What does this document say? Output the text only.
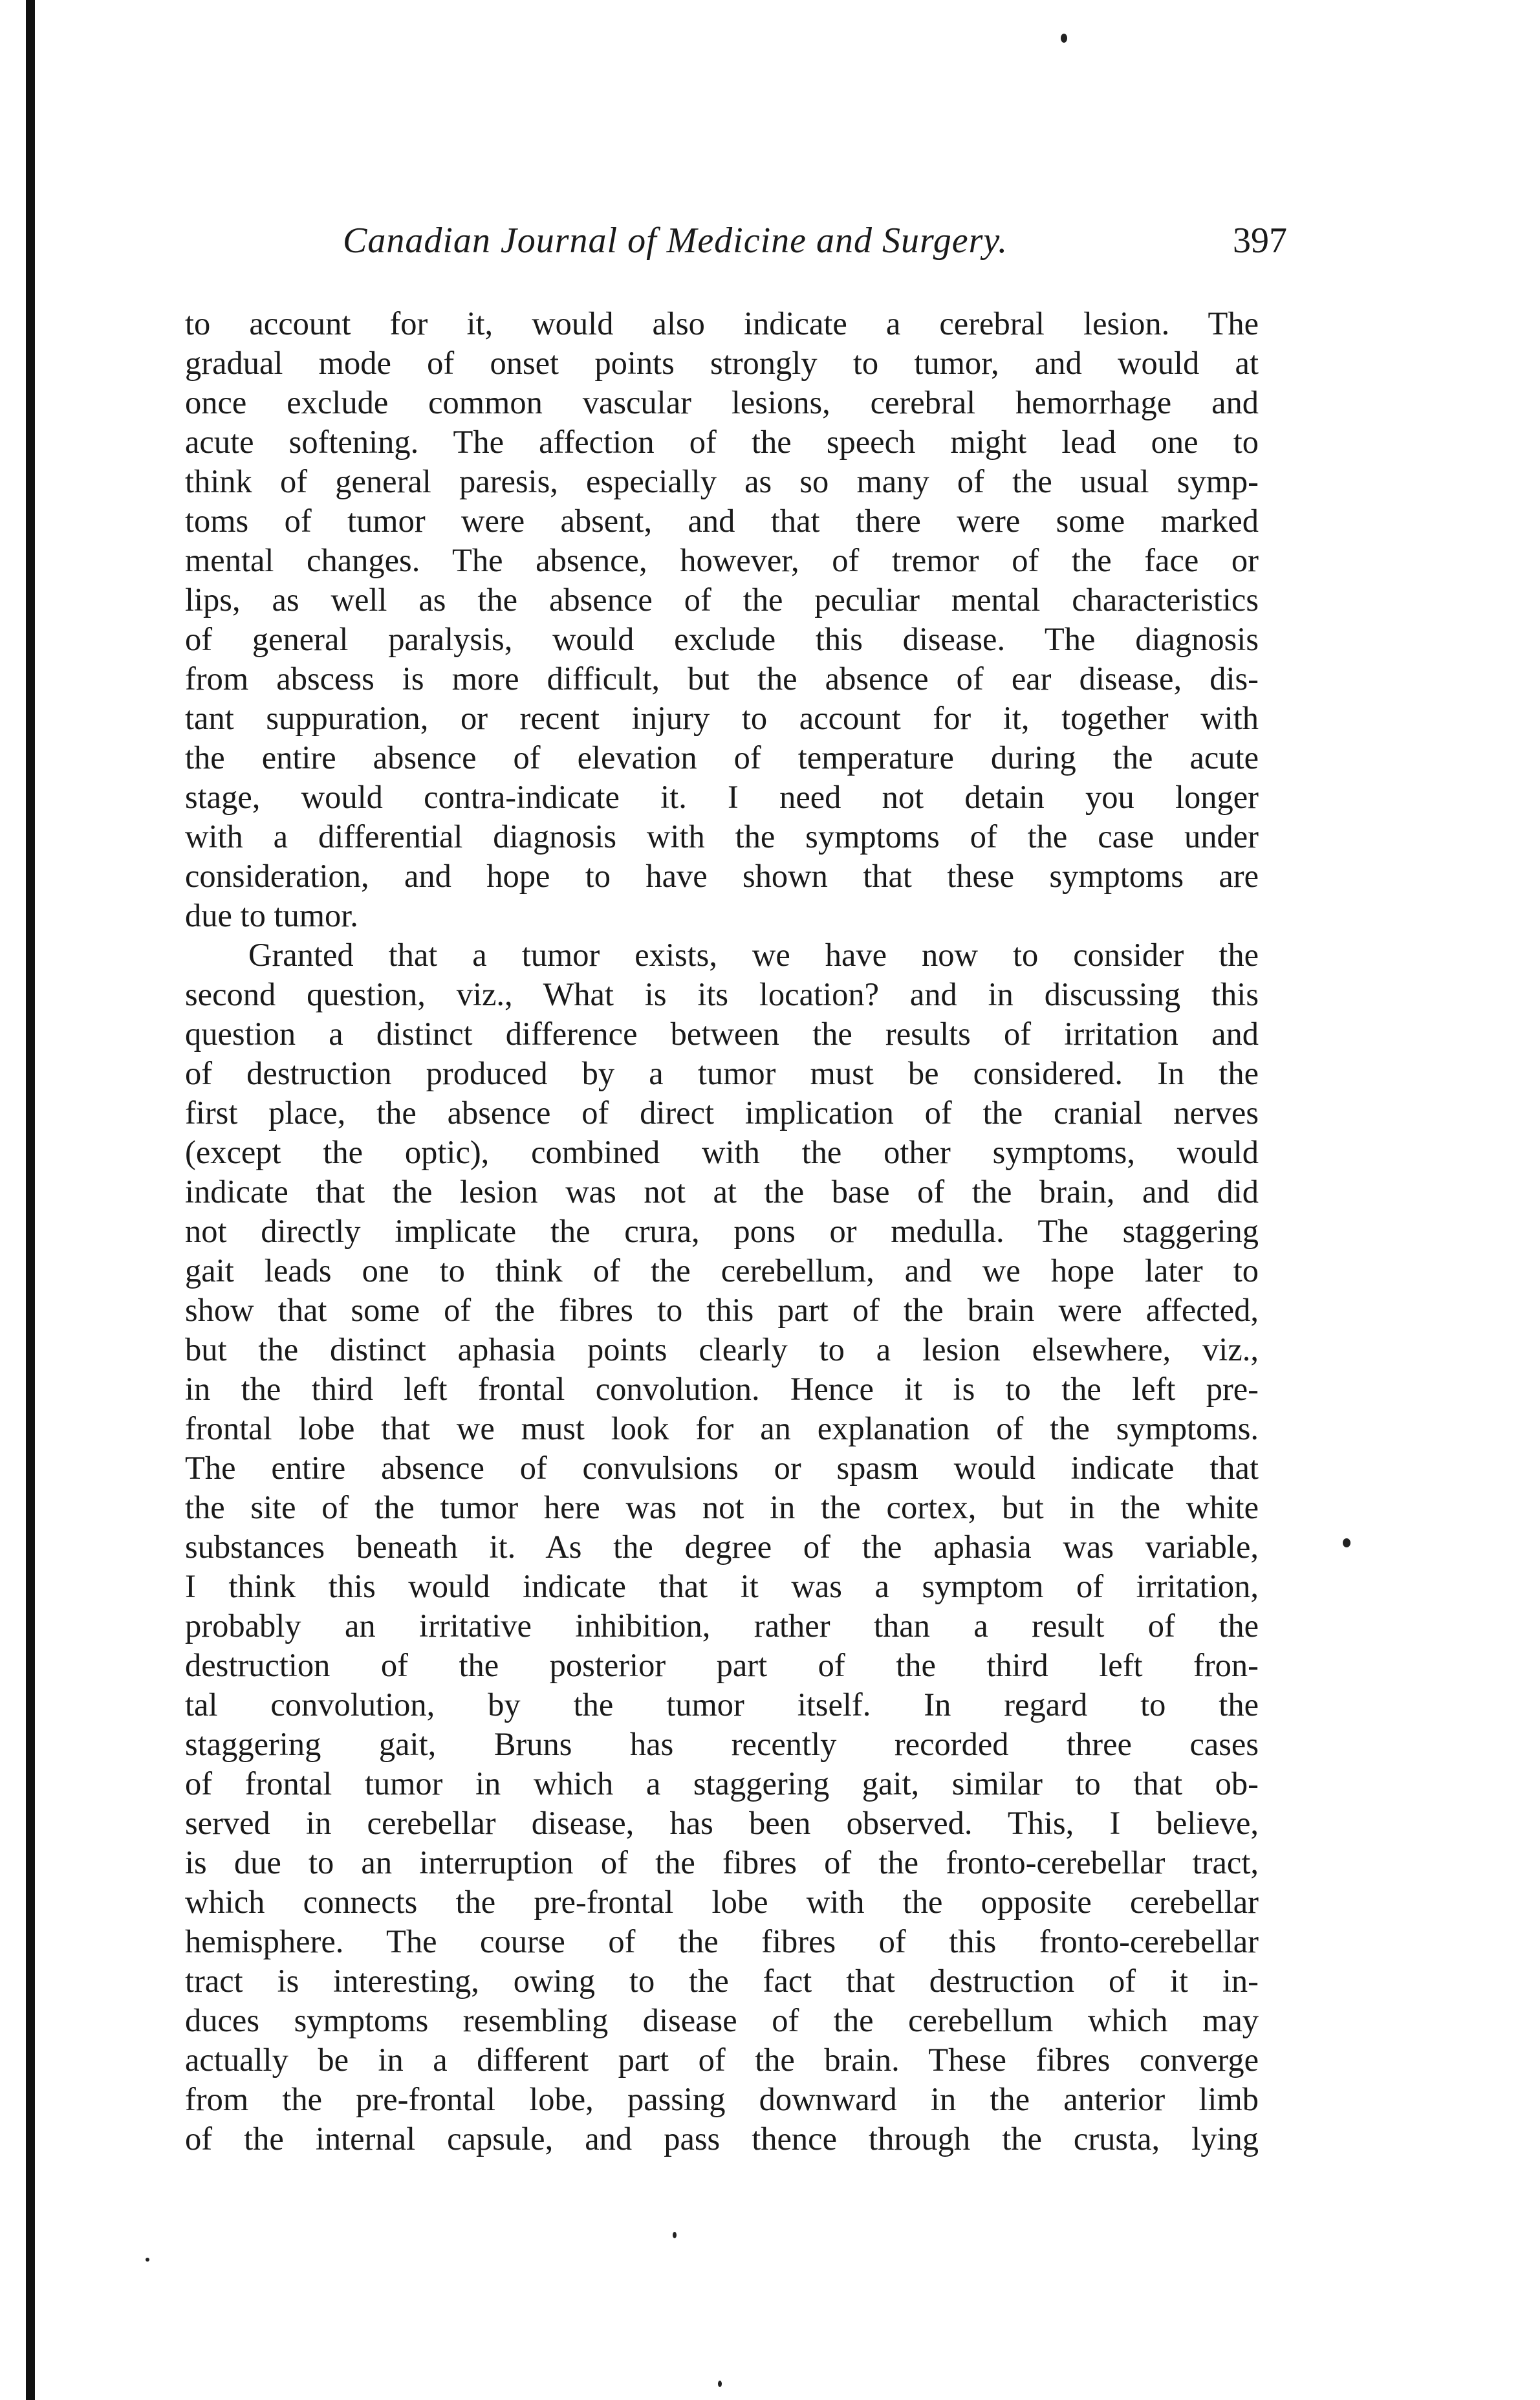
Canadian Journal of Medicine and Surgery.	397
to account for it, would also indicate a cerebral lesion. The
gradual mode of onset points strongly to tumor, and would at
once exclude common vascular lesions, cerebral hemorrhage and
acute softening. The affection of the speech might lead one to
think of general paresis, especially as so many of the usual symp-
toms of tumor were absent, and that there were some marked
mental changes. The absence, however, of tremor of the face or
lips, as well as the absence of the peculiar mental characteristics
of general paralysis, would exclude this disease. The diagnosis
from abscess is more difficult, but the absence of ear disease, dis-
tant suppuration, or recent injury to account for it, together with
the entire absence of elevation of temperature during the acute
stage, would contra-indicate it. I need not detain you longer
with a differential diagnosis with the symptoms of the case under
consideration, and hope to have shown that these symptoms are
due to tumor.
Granted that a tumor exists, we have now to consider the
second question, viz., What is its location? and in discussing this
question a distinct difference between the results of irritation and
of destruction produced by a tumor must be considered. In the
first place, the absence of direct implication of the cranial nerves
(except the optic), combined with the other symptoms, would
indicate that the lesion was not at the base of the brain, and did
not directly implicate the crura, pons or medulla. The staggering
gait leads one to think of the cerebellum, and we hope later to
show that some of the fibres to this part of the brain were affected,
but the distinct aphasia points clearly to a lesion elsewhere, viz.,
in the third left frontal convolution. Hence it is to the left pre-
frontal lobe that we must look for an explanation of the symptoms.
The entire absence of convulsions or spasm would indicate that
the site of the tumor here was not in the cortex, but in the white
substances beneath it. As the degree of the aphasia was variable,
I think this would indicate that it was a symptom of irritation,
probably an irritative inhibition, rather than a result of the
destruction of the posterior part of the third left fron-
tal convolution, by the tumor itself. In regard to the
staggering gait, Bruns has recently recorded three cases
of frontal tumor in which a staggering gait, similar to that ob-
served in cerebellar disease, has been observed. This, I believe,
is due to an interruption of the fibres of the fronto-cerebellar tract,
which connects the pre-frontal lobe with the opposite cerebellar
hemisphere. The course of the fibres of this fronto-cerebellar
tract is interesting, owing to the fact that destruction of it in-
duces symptoms resembling disease of the cerebellum which may
actually be in a different part of the brain. These fibres converge
from the pre-frontal lobe, passing downward in the anterior limb
of the internal capsule, and pass thence through the crusta, lying
